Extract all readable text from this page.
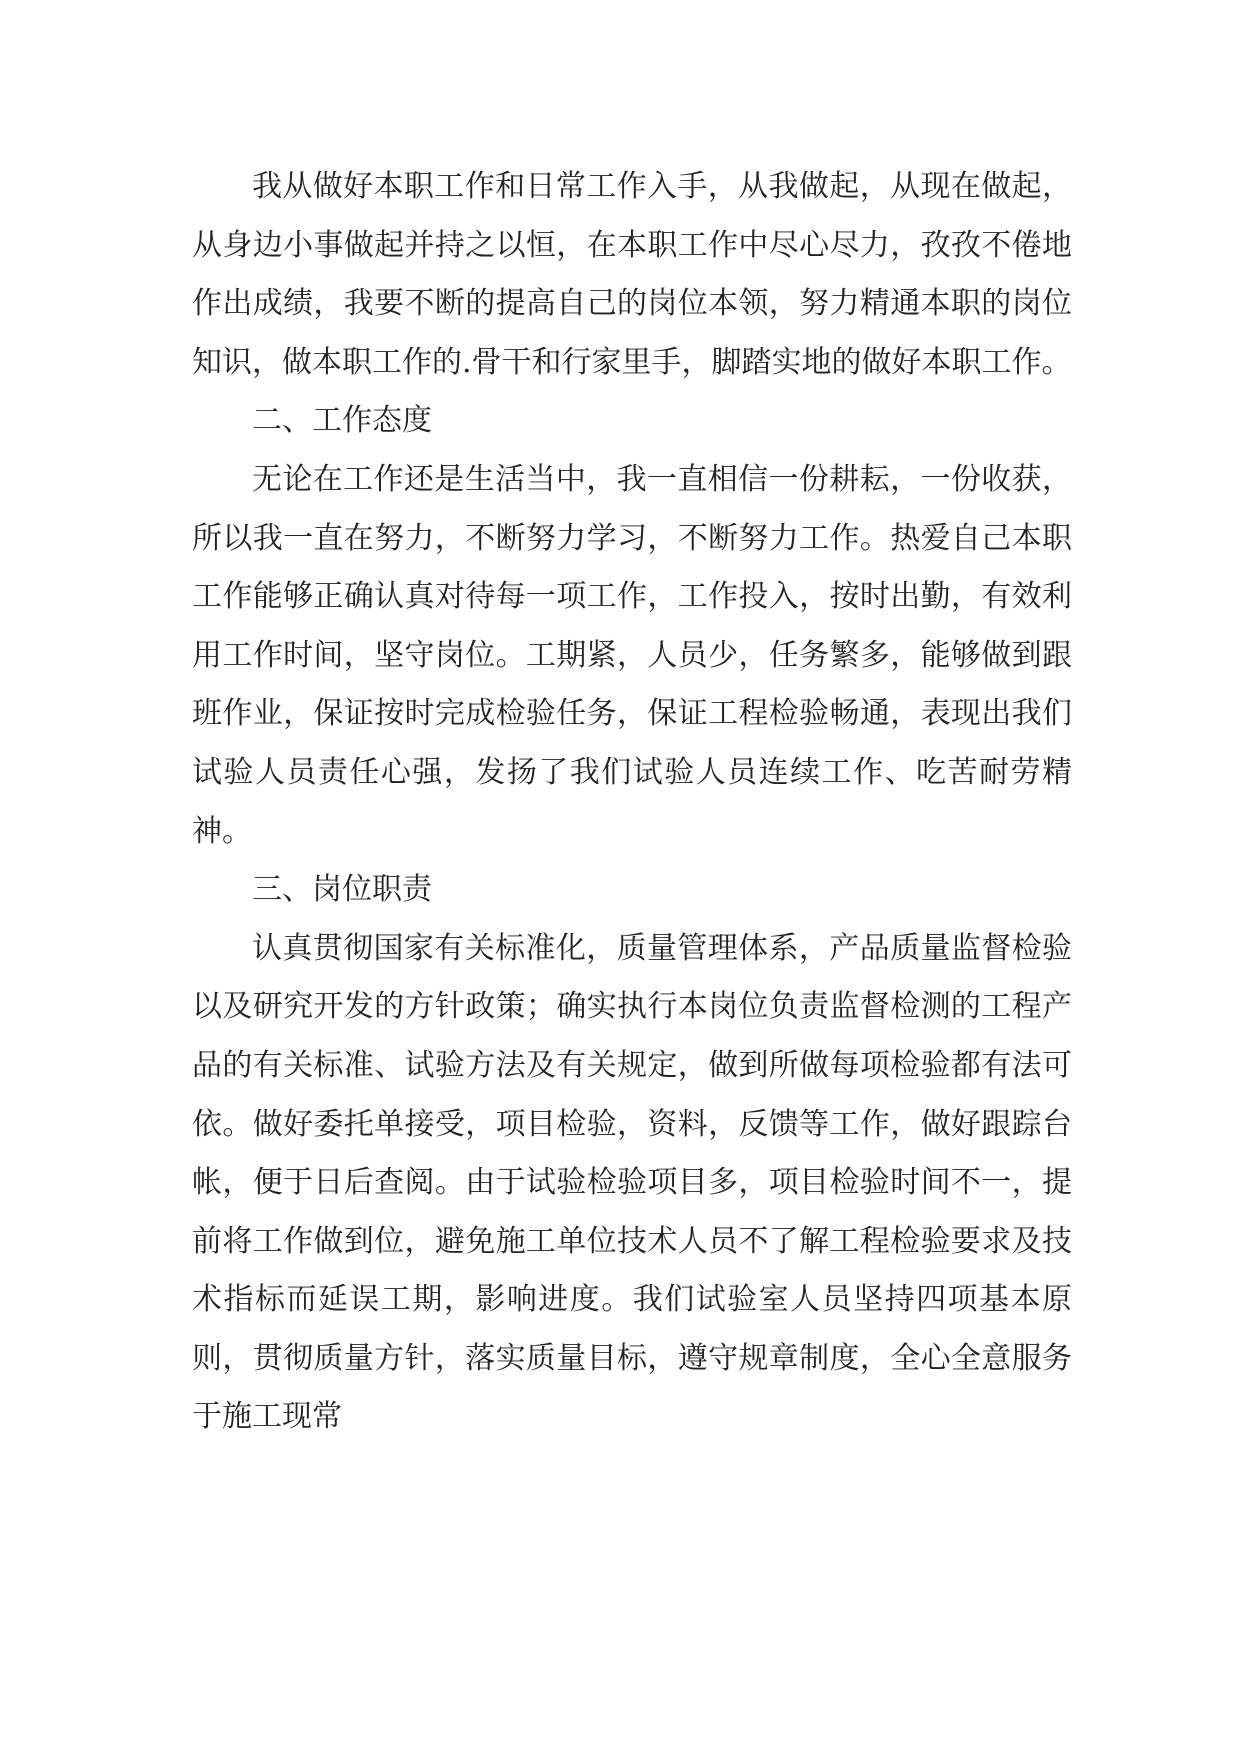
我从做好本职工作和日常工作入手，从我做起，从现在做起，从身边小事做起并持之以恒，在本职工作中尽心尽力，孜孜不倦地作出成绩，我要不断的提高自己的岗位本领，努力精通本职的岗位知识，做本职工作的.骨干和行家里手，脚踏实地的做好本职工作。

二、工作态度

无论在工作还是生活当中，我一直相信一份耕耘，一份收获，所以我一直在努力，不断努力学习，不断努力工作。热爱自己本职工作能够正确认真对待每一项工作，工作投入，按时出勤，有效利用工作时间，坚守岗位。工期紧，人员少，任务繁多，能够做到跟班作业，保证按时完成检验任务，保证工程检验畅通，表现出我们试验人员责任心强，发扬了我们试验人员连续工作、吃苦耐劳精神。

三、岗位职责

认真贯彻国家有关标准化，质量管理体系，产品质量监督检验以及研究开发的方针政策；确实执行本岗位负责监督检测的工程产品的有关标准、试验方法及有关规定，做到所做每项检验都有法可依。做好委托单接受，项目检验，资料，反馈等工作，做好跟踪台帐，便于日后查阅。由于试验检验项目多，项目检验时间不一，提前将工作做到位，避免施工单位技术人员不了解工程检验要求及技术指标而延误工期，影响进度。我们试验室人员坚持四项基本原则，贯彻质量方针，落实质量目标，遵守规章制度，全心全意服务于施工现常
